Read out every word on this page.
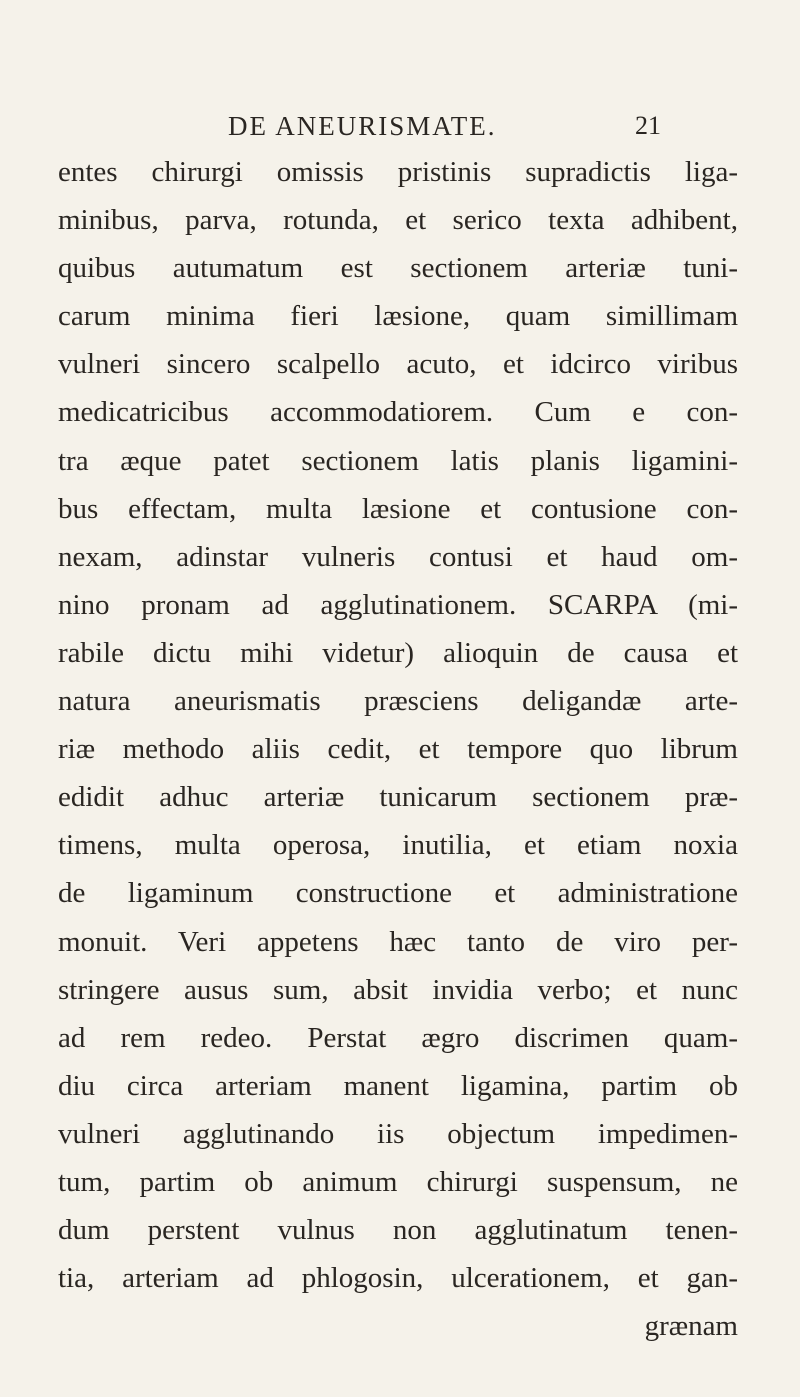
DE ANEURISMATE.	21
entes chirurgi omissis pristinis supradictis liga-
minibus, parva, rotunda, et serico texta adhibent,
quibus autumatum est sectionem arteriæ tuni-
carum minima fieri læsione, quam simillimam
vulneri sincero scalpello acuto, et idcirco viribus
medicatricibus accommodatiorem. Cum e con-
tra æque patet sectionem latis planis ligamini-
bus effectam, multa læsione et contusione con-
nexam, adinstar vulneris contusi et haud om-
nino pronam ad agglutinationem. SCARPA (mi-
rabile dictu mihi videtur) alioquin de causa et
natura aneurismatis præsciens deligandæ arte-
riæ methodo aliis cedit, et tempore quo librum
edidit adhuc arteriæ tunicarum sectionem præ-
timens, multa operosa, inutilia, et etiam noxia
de ligaminum constructione et administratione
monuit. Veri appetens hæc tanto de viro per-
stringere ausus sum, absit invidia verbo; et nunc
ad rem redeo. Perstat ægro discrimen quam-
diu circa arteriam manent ligamina, partim ob
vulneri agglutinando iis objectum impedimen-
tum, partim ob animum chirurgi suspensum, ne
dum perstent vulnus non agglutinatum tenen-
tia, arteriam ad phlogosin, ulcerationem, et gan-
grænam
